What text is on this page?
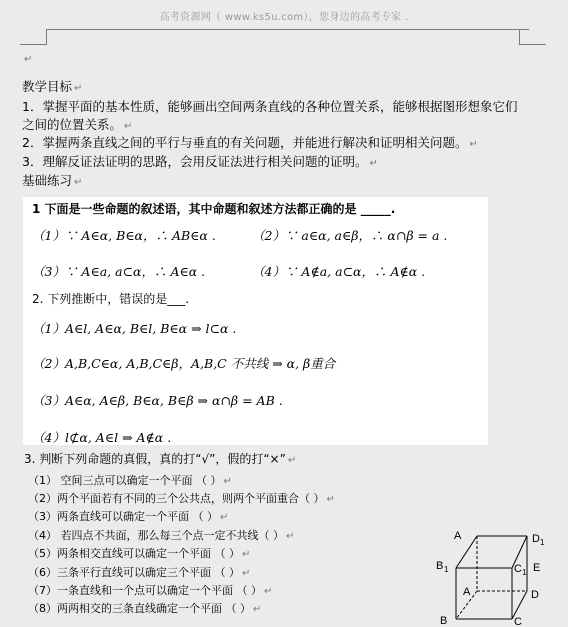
高考资源网（ www.ks5u.com），您身边的高考专家 .
↵
教学目标 ↵
1．掌握平面的基本性质，能够画出空间两条直线的各种位置关系，能够根据图形想象它们
之间的位置关系。 ↵
2．掌握两条直线之间的平行与垂直的有关问题，并能进行解决和证明相关问题。 ↵
3．理解反证法证明的思路，会用反证法进行相关问题的证明。 ↵
基础练习 ↵
1 下面是一些命题的叙述语，其中命题和叙述方法都正确的是 _____.
（1）∵ A∈α, B∈α，∴ AB∈α .	（2）∵ a∈α, a∈β，∴ α∩β = a .
（3）∵ A∈a, a⊂α，∴ A∈α .	（4）∵ A∉a, a⊂α，∴ A∉α .
2. 下列推断中，错误的是___.
（1）A∈l, A∈α, B∈l, B∈α ⇒ l⊂α .
（2）A,B,C∈α, A,B,C∈β，A,B,C 不共线 ⇒ α, β重合
（3）A∈α, A∈β, B∈α, B∈β ⇒ α∩β = AB .
（4）l⊄α, A∈l ⇒ A∉α .
3. 判断下列命题的真假，真的打“√”，假的打“×” ↵
（1） 空间三点可以确定一个平面 （ ） ↵
（2）两个平面若有不同的三个公共点，则两个平面重合（ ） ↵
（3）两条直线可以确定一个平面 （ ） ↵
（4） 若四点不共面，那么每三个点一定不共线（ ） ↵
（5）两条相交直线可以确定一个平面 （ ） ↵
（6）三条平行直线可以确定三个平面 （ ） ↵
（7）一条直线和一个点可以确定一个平面 （ ） ↵
（8）两两相交的三条直线确定一个平面 （ ） ↵
A	D 1
B 1	C 1 E
A	D
B	C
